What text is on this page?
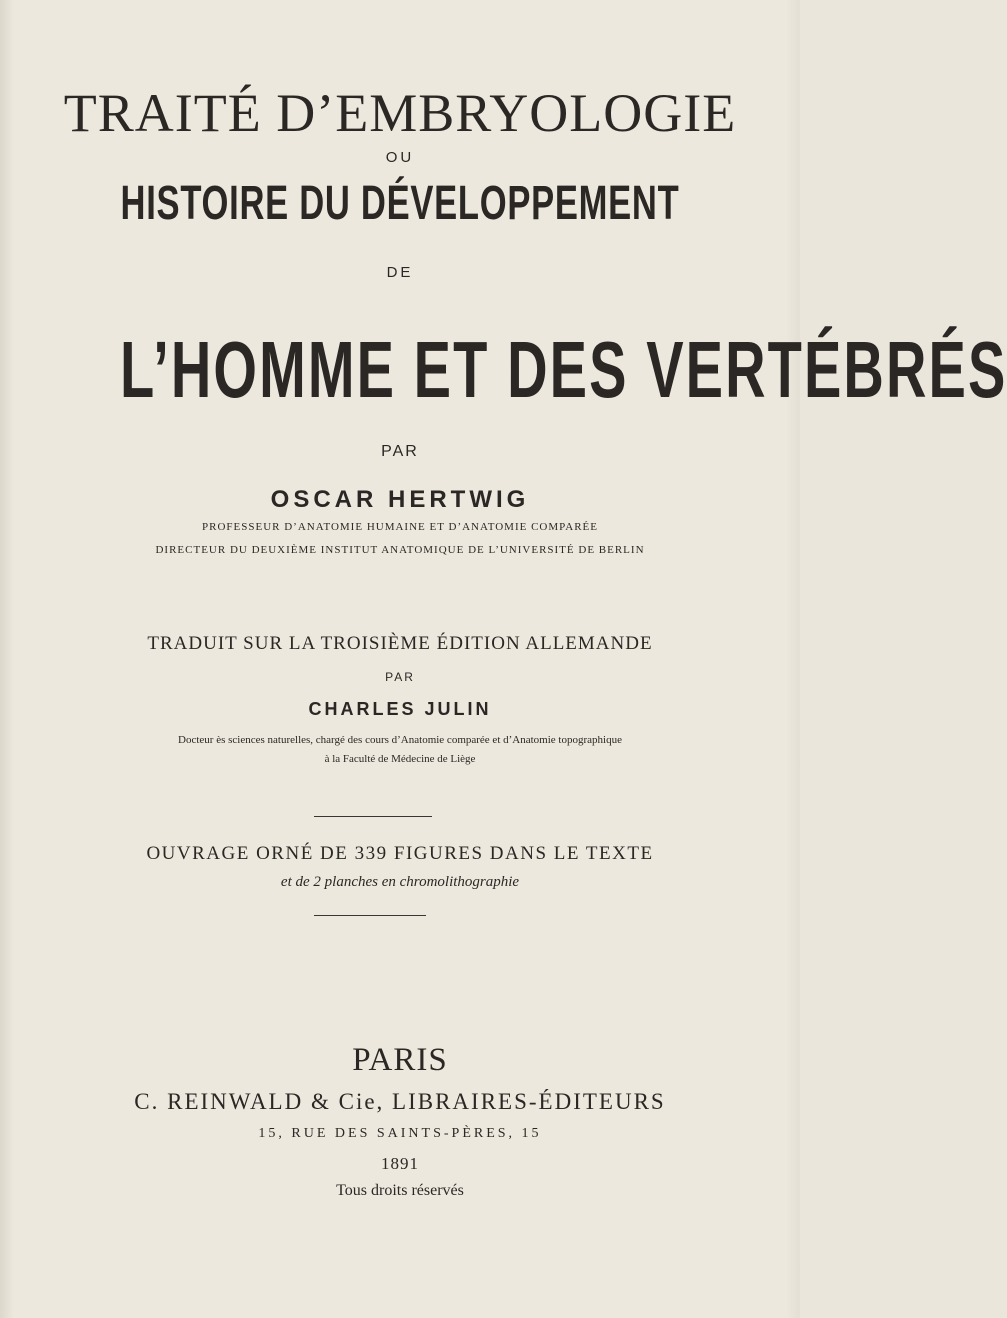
TRAITÉ D’EMBRYOLOGIE
OU
HISTOIRE DU DÉVELOPPEMENT
DE
L’HOMME ET DES VERTÉBRÉS
PAR
OSCAR HERTWIG
PROFESSEUR D’ANATOMIE HUMAINE ET D’ANATOMIE COMPARÉE
DIRECTEUR DU DEUXIÈME INSTITUT ANATOMIQUE DE L’UNIVERSITÉ DE BERLIN
TRADUIT SUR LA TROISIÈME ÉDITION ALLEMANDE
PAR
CHARLES JULIN
Docteur ès sciences naturelles, chargé des cours d’Anatomie comparée et d’Anatomie topographique
à la Faculté de Médecine de Liège
OUVRAGE ORNÉ DE 339 FIGURES DANS LE TEXTE
et de 2 planches en chromolithographie
PARIS
C. REINWALD & Cie, LIBRAIRES-ÉDITEURS
15, RUE DES SAINTS-PÈRES, 15
1891
Tous droits réservés
